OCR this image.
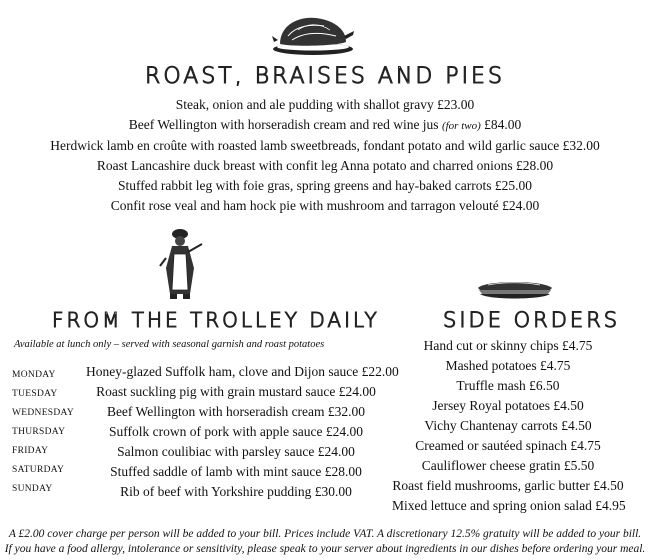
ROAST, BRAISES AND PIES
Steak, onion and ale pudding with shallot gravy £23.00
Beef Wellington with horseradish cream and red wine jus (for two) £84.00
Herdwick lamb en croûte with roasted lamb sweetbreads, fondant potato and wild garlic sauce £32.00
Roast Lancashire duck breast with confit leg Anna potato and charred onions £28.00
Stuffed rabbit leg with foie gras, spring greens and hay-baked carrots £25.00
Confit rose veal and ham hock pie with mushroom and tarragon velouté £24.00
FROM THE TROLLEY DAILY
Available at lunch only – served with seasonal garnish and roast potatoes
MONDAY
TUESDAY
WEDNESDAY
THURSDAY
FRIDAY
SATURDAY
SUNDAY
Honey-glazed Suffolk ham, clove and Dijon sauce £22.00
Roast suckling pig with grain mustard sauce £24.00
Beef Wellington with horseradish cream £32.00
Suffolk crown of pork with apple sauce £24.00
Salmon coulibiac with parsley sauce £24.00
Stuffed saddle of lamb with mint sauce £28.00
Rib of beef with Yorkshire pudding £30.00
SIDE ORDERS
Hand cut or skinny chips £4.75
Mashed potatoes £4.75
Truffle mash £6.50
Jersey Royal potatoes £4.50
Vichy Chantenay carrots £4.50
Creamed or sautéed spinach £4.75
Cauliflower cheese gratin £5.50
Roast field mushrooms, garlic butter £4.50
Mixed lettuce and spring onion salad £4.95
A £2.00 cover charge per person will be added to your bill. Prices include VAT. A discretionary 12.5% gratuity will be added to your bill.
If you have a food allergy, intolerance or sensitivity, please speak to your server about ingredients in our dishes before ordering your meal.
